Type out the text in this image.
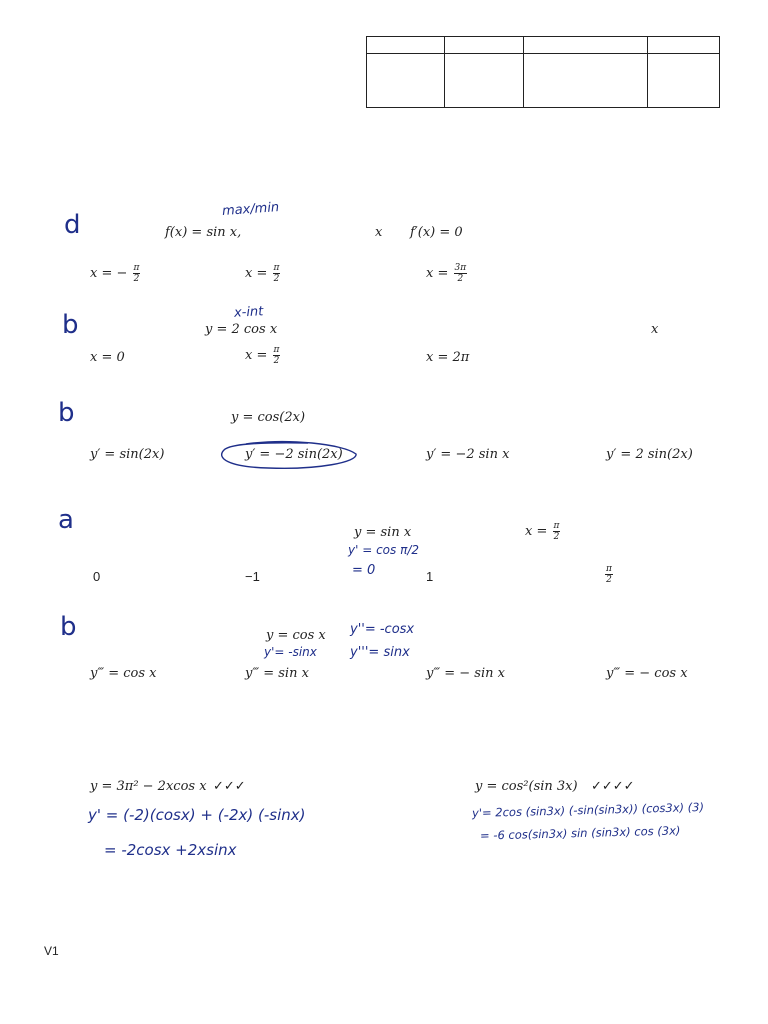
d
max/min
f(x) = sin x,	x f′(x) = 0
x = − $\frac{\pi}{2}$	$x = \frac{\pi}{2}$	$x = \frac{3\pi}{2}$
b	x-int
y = 2 cos x	x
x = 0	$x = \frac{\pi}{2}$	x = 2π
b	y = cos(2x)
y′ = sin(2x)	y′ = −2 sin(2x)	y′ = −2 sin x	y′ = 2 sin(2x)
a	y = sin x	$x = \frac{\pi}{2}$
y' = cos π/2
= 0
0	−1	1	$\frac{\pi}{2}$
b	y = cos x
y'= -sinx
y''= -cosx
y'''= sinx
y‴ = cos x	y‴ = sin x	y‴ = − sin x	y‴ = − cos x
y = 3π² − 2xcos x ✓✓✓
y' = (-2)(cosx) + (-2x) (-sinx)
= -2cosx +2xsinx
y = cos²(sin 3x) ✓✓✓✓
y'= 2cos (sin3x) (-sin(sin3x)) (cos3x) (3)
= -6 cos(sin3x) sin (sin3x) cos (3x)
V1
